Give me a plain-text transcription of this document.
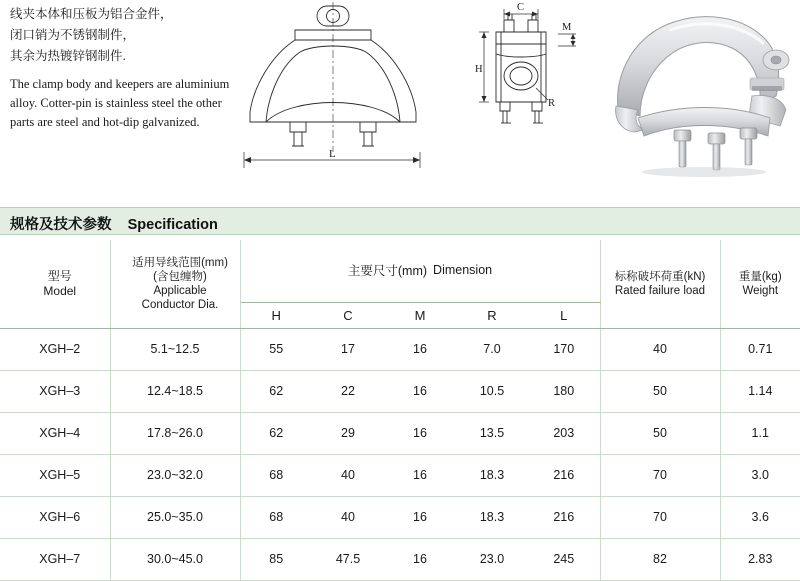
线夹本体和压板为铝合金件，
闭口销为不锈钢制件，
其余为热镀锌钢制件.
The clamp body and keepers are aluminium alloy. Cotter-pin is stainless steel the other parts are steel and hot-dip galvanized.
L
C
H
M
R
规格及技术参数 Specification
型号
Model

适用导线范围(mm)
(含包缠物)
Applicable
Conductor Dia.

主要尺寸(mm) Dimension	标称破坏荷重(kN)
Rated failure load

重量(kg)
Weight

		H	C	M	R	L		
XGH–2	5.1~12.5	55	17	16	7.0	170	40	0.71
XGH–3	12.4~18.5	62	22	16	10.5	180	50	1.14
XGH–4	17.8~26.0	62	29	16	13.5	203	50	1.1
XGH–5	23.0~32.0	68	40	16	18.3	216	70	3.0
XGH–6	25.0~35.0	68	40	16	18.3	216	70	3.6
XGH–7	30.0~45.0	85	47.5	16	23.0	245	82	2.83
